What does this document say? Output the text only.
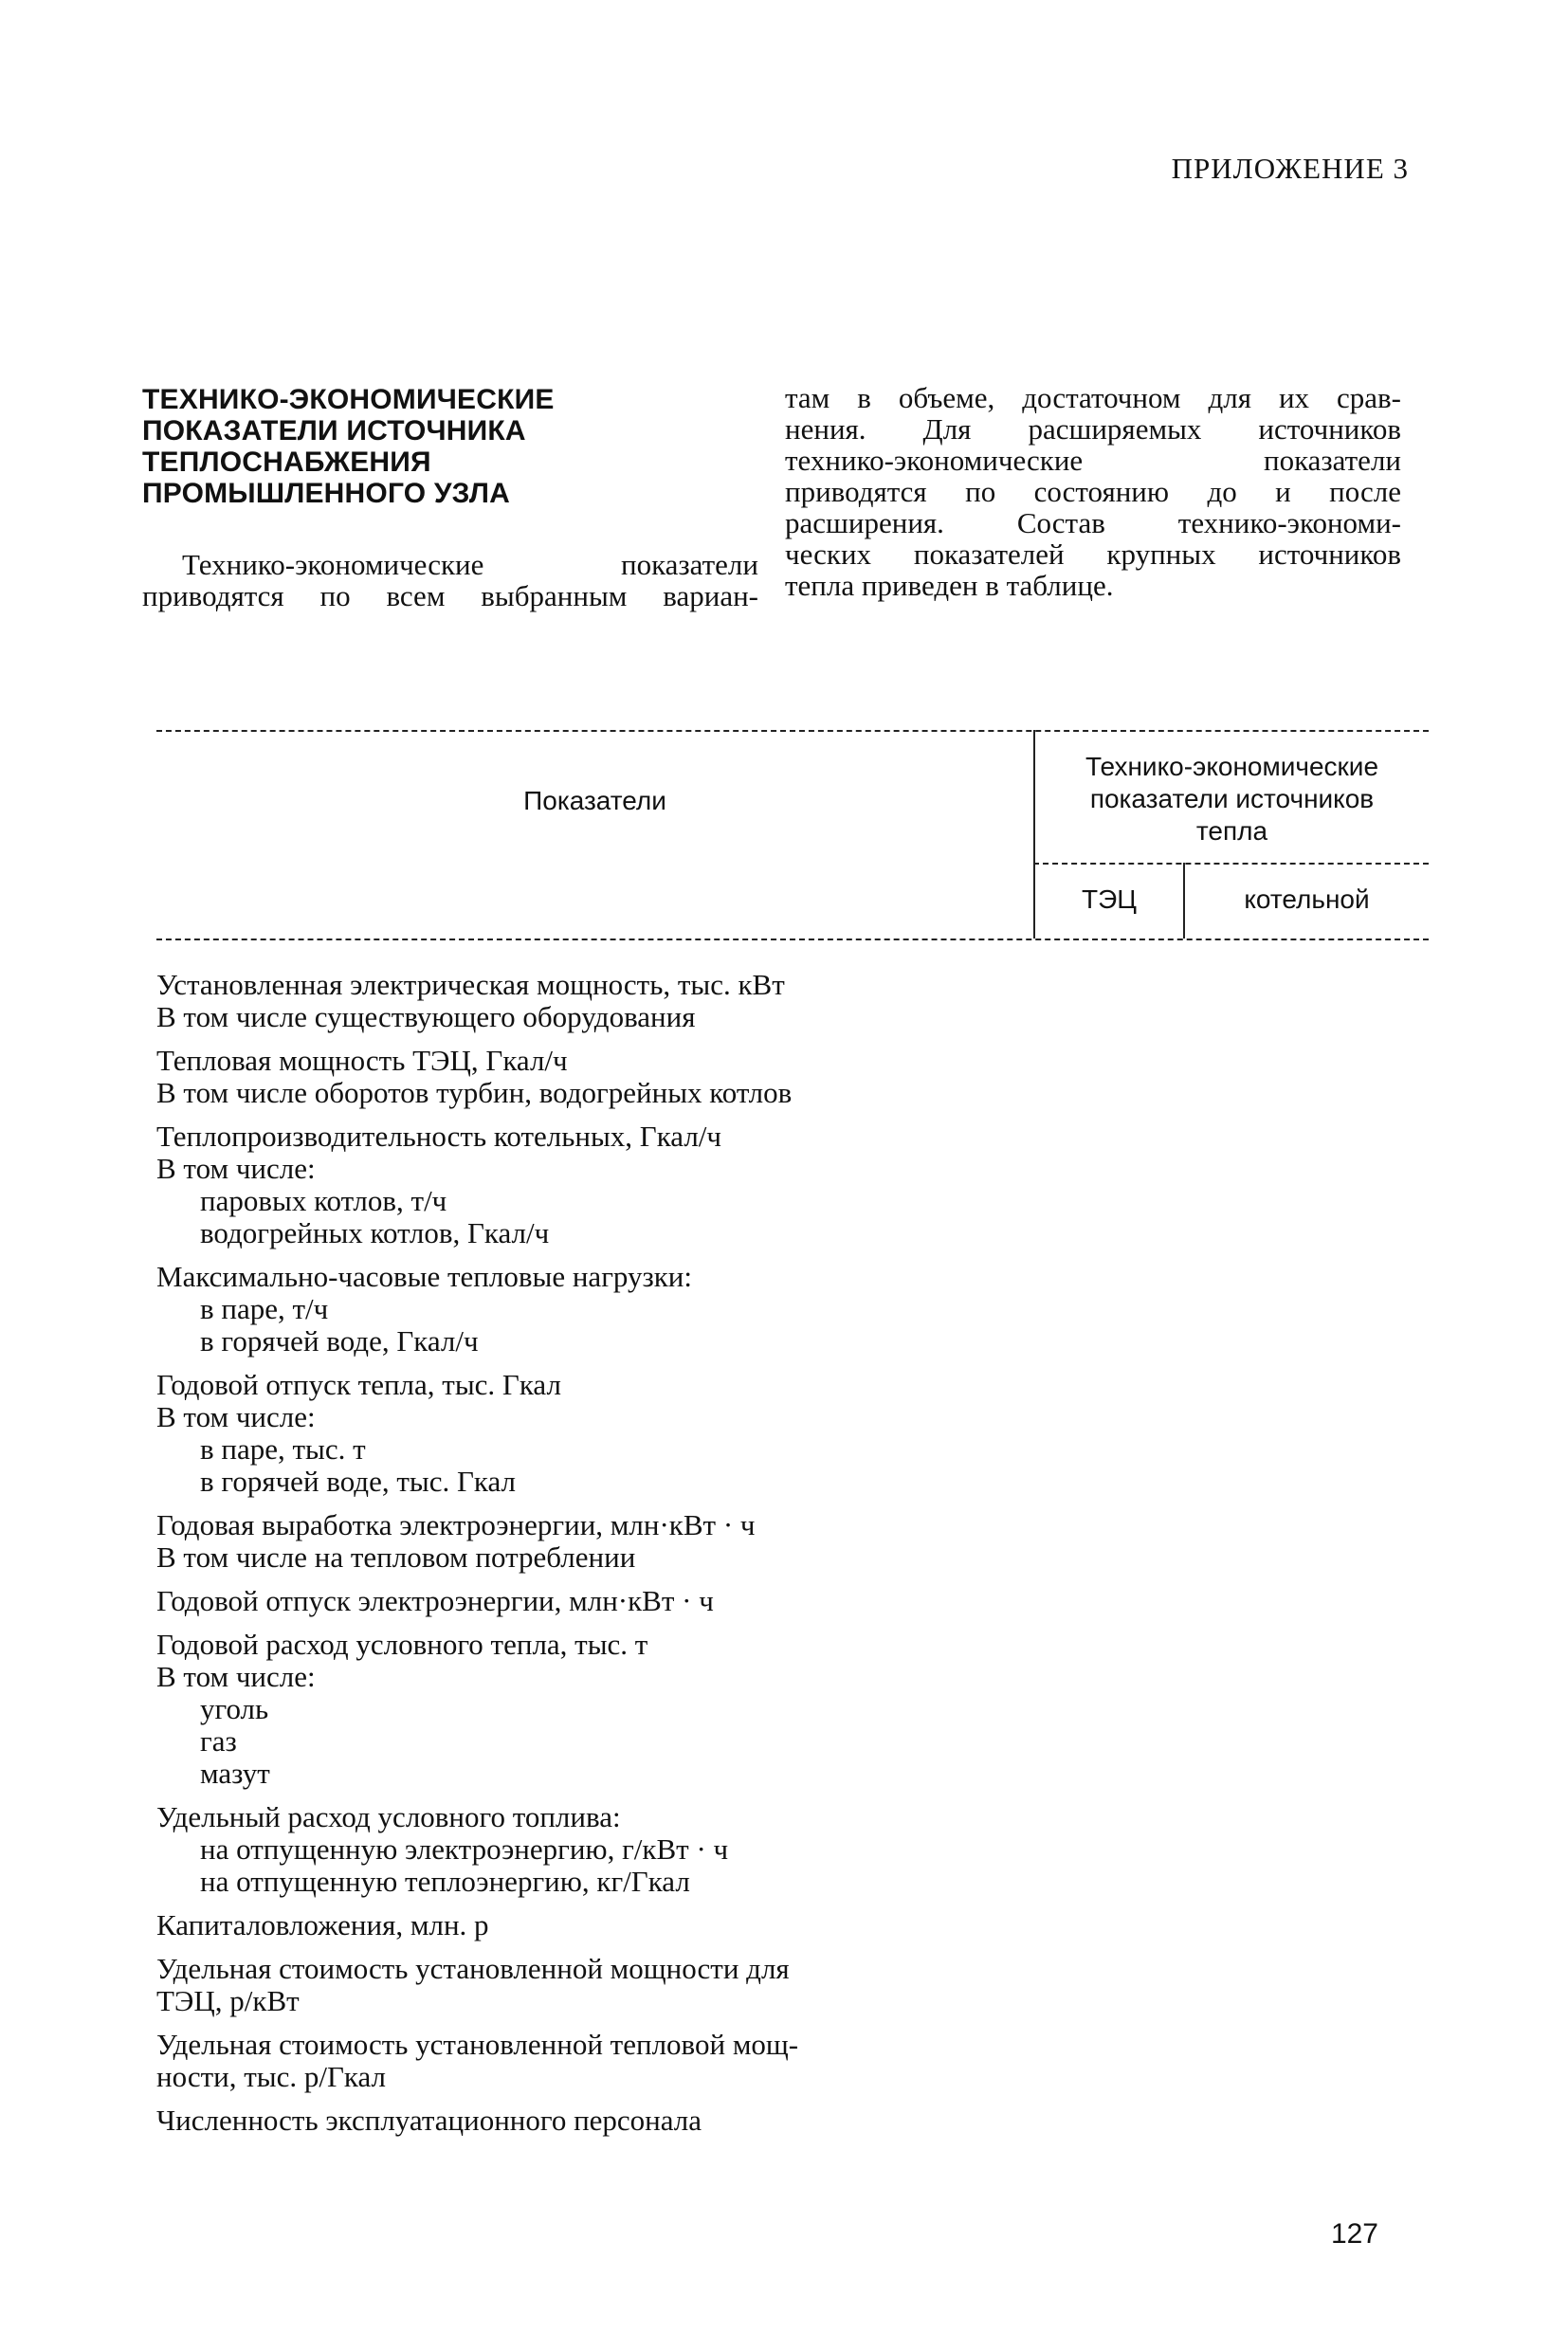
ПРИЛОЖЕНИЕ 3
ТЕХНИКО-ЭКОНОМИЧЕСКИЕ
ПОКАЗАТЕЛИ ИСТОЧНИКА
ТЕПЛОСНАБЖЕНИЯ
ПРОМЫШЛЕННОГО УЗЛА
Технико-экономические показатели
приводятся по всем выбранным вариан-
там в объеме, достаточном для их срав-
нения. Для расширяемых источников
технико-экономические показатели
приводятся по состоянию до и после
расширения. Состав технико-экономи-
ческих показателей крупных источников
тепла приведен в таблице.
Показатели
Технико-экономические
показатели источников
тепла
ТЭЦ	котельной
Установленная электрическая мощность, тыс. кВт
В том числе существующего оборудования
Тепловая мощность ТЭЦ, Гкал/ч
В том числе оборотов турбин, водогрейных котлов
Теплопроизводительность котельных, Гкал/ч
В том числе:
паровых котлов, т/ч
водогрейных котлов, Гкал/ч
Максимально-часовые тепловые нагрузки:
в паре, т/ч
в горячей воде, Гкал/ч
Годовой отпуск тепла, тыс. Гкал
В том числе:
в паре, тыс. т
в горячей воде, тыс. Гкал
Годовая выработка электроэнергии, млн·кВт · ч
В том числе на тепловом потреблении
Годовой отпуск электроэнергии, млн·кВт · ч
Годовой расход условного тепла, тыс. т
В том числе:
уголь
газ
мазут
Удельный расход условного топлива:
на отпущенную электроэнергию, г/кВт · ч
на отпущенную теплоэнергию, кг/Гкал
Капиталовложения, млн. р
Удельная стоимость установленной мощности для
ТЭЦ, р/кВт
Удельная стоимость установленной тепловой мощ-
ности, тыс. р/Гкал
Численность эксплуатационного персонала
127
